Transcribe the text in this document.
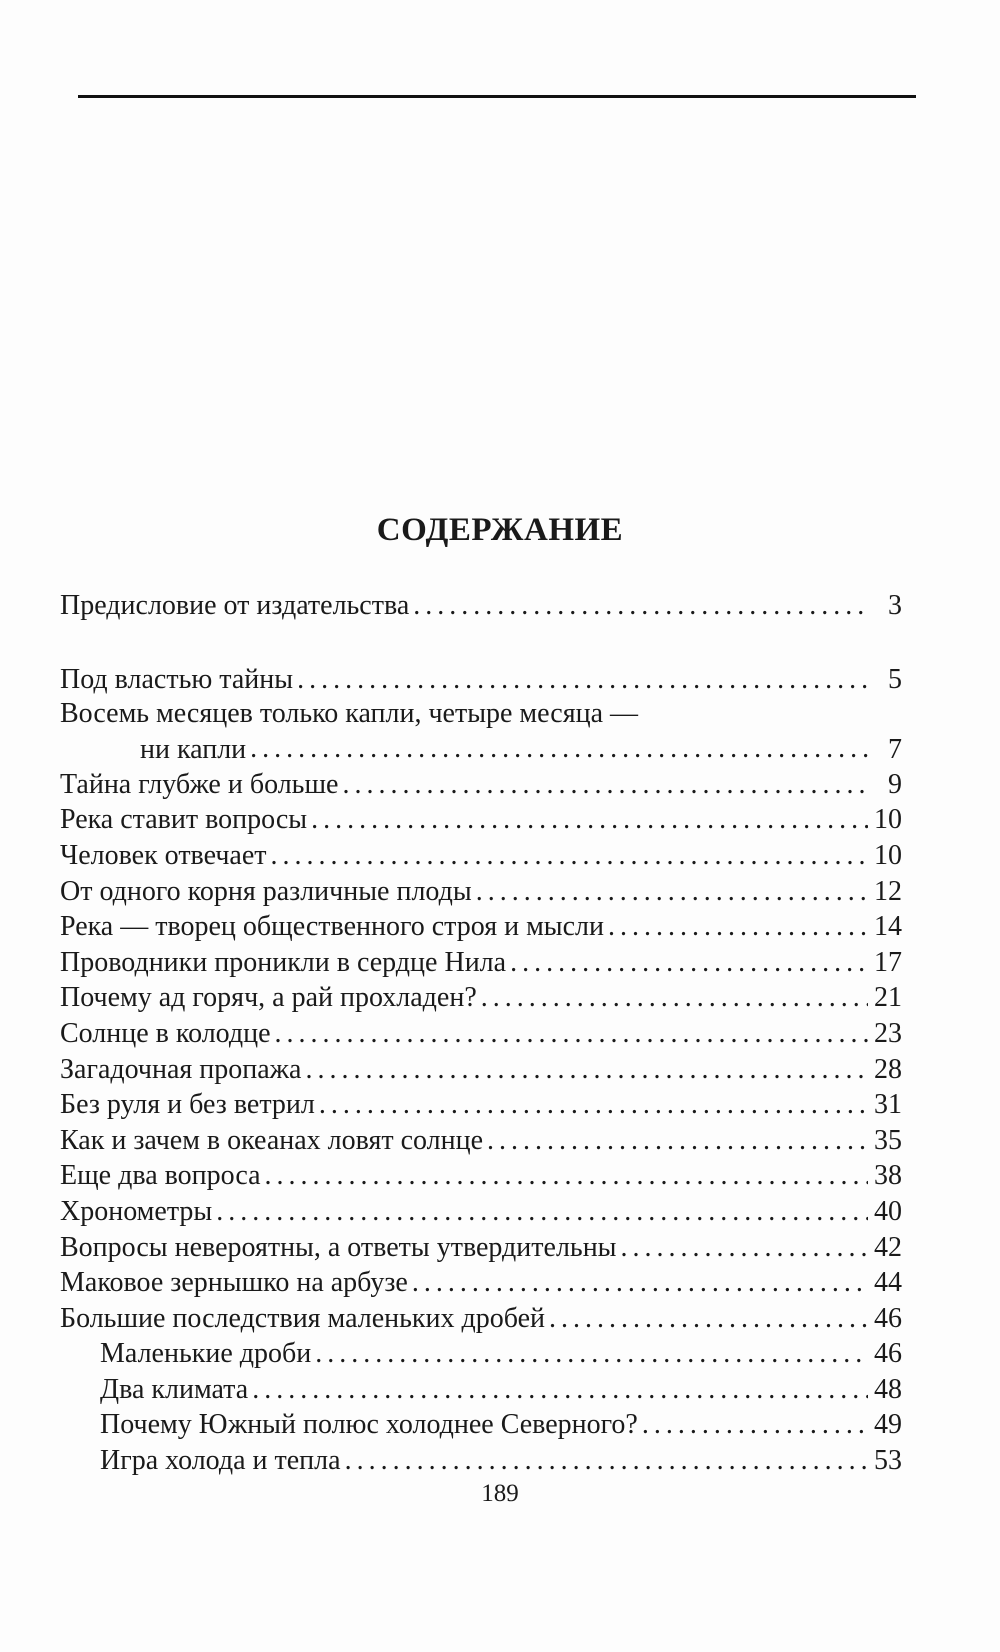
СОДЕРЖАНИЕ
Предисловие от издательства .....	3
Под властью тайны .....	5
Восемь месяцев только капли, четыре месяца —
ни капли .....	7
Тайна глубже и больше .....	9
Река ставит вопросы .....	10
Человек отвечает .....	10
От одного корня различные плоды .....	12
Река — творец общественного строя и мысли .....	14
Проводники проникли в сердце Нила .....	17
Почему ад горяч, а рай прохладен? .....	21
Солнце в колодце .....	23
Загадочная пропажа .....	28
Без руля и без ветрил .....	31
Как и зачем в океанах ловят солнце .....	35
Еще два вопроса .....	38
Хронометры .....	40
Вопросы невероятны, а ответы утвердительны .....	42
Маковое зернышко на арбузе .....	44
Большие последствия маленьких дробей .....	46
Маленькие дроби .....	46
Два климата .....	48
Почему Южный полюс холоднее Северного? .....	49
Игра холода и тепла .....	53
189
